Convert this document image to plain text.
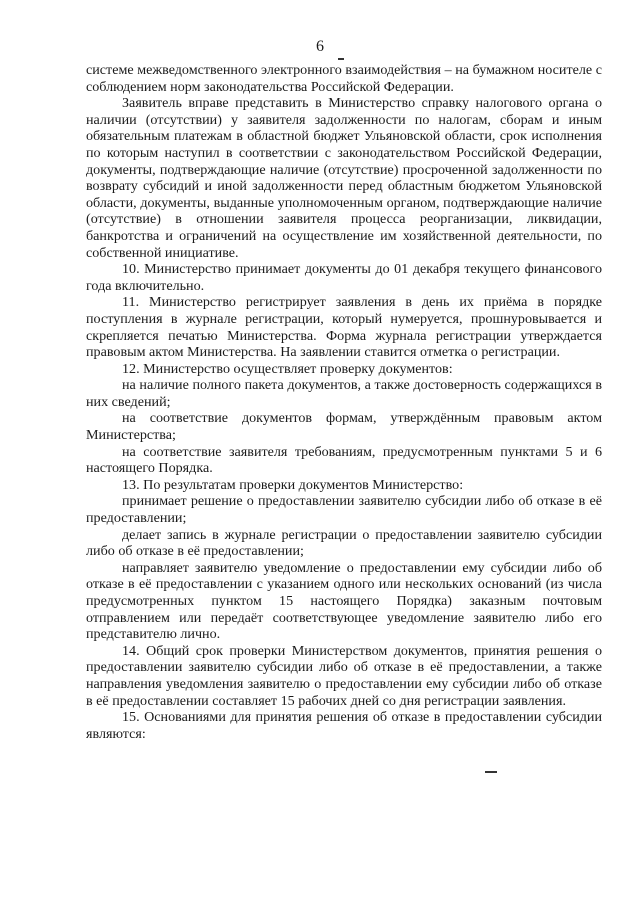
6

системе межведомственного электронного взаимодействия – на бумажном носителе с соблюдением норм законодательства Российской Федерации.

Заявитель вправе представить в Министерство справку налогового органа о наличии (отсутствии) у заявителя задолженности по налогам, сборам и иным обязательным платежам в областной бюджет Ульяновской области, срок исполнения по которым наступил в соответствии с законодательством Российской Федерации, документы, подтверждающие наличие (отсутствие) просроченной задолженности по возврату субсидий и иной задолженности перед областным бюджетом Ульяновской области, документы, выданные уполномоченным органом, подтверждающие наличие (отсутствие) в отношении заявителя процесса реорганизации, ликвидации, банкротства и ограничений на осуществление им хозяйственной деятельности, по собственной инициативе.

10. Министерство принимает документы до 01 декабря текущего финансового года включительно.

11. Министерство регистрирует заявления в день их приёма в порядке поступления в журнале регистрации, который нумеруется, прошнуровывается и скрепляется печатью Министерства. Форма журнала регистрации утверждается правовым актом Министерства. На заявлении ставится отметка о регистрации.

12. Министерство осуществляет проверку документов:

на наличие полного пакета документов, а также достоверность содержащихся в них сведений;

на соответствие документов формам, утверждённым правовым актом Министерства;

на соответствие заявителя требованиям, предусмотренным пунктами 5 и 6 настоящего Порядка.

13. По результатам проверки документов Министерство:

принимает решение о предоставлении заявителю субсидии либо об отказе в её предоставлении;

делает запись в журнале регистрации о предоставлении заявителю субсидии либо об отказе в её предоставлении;

направляет заявителю уведомление о предоставлении ему субсидии либо об отказе в её предоставлении с указанием одного или нескольких оснований (из числа предусмотренных пунктом 15 настоящего Порядка) заказным почтовым отправлением или передаёт соответствующее уведомление заявителю либо его представителю лично.

14. Общий срок проверки Министерством документов, принятия решения о предоставлении заявителю субсидии либо об отказе в её предоставлении, а также направления уведомления заявителю о предоставлении ему субсидии либо об отказе в её предоставлении составляет 15 рабочих дней со дня регистрации заявления.

15. Основаниями для принятия решения об отказе в предоставлении субсидии являются:
